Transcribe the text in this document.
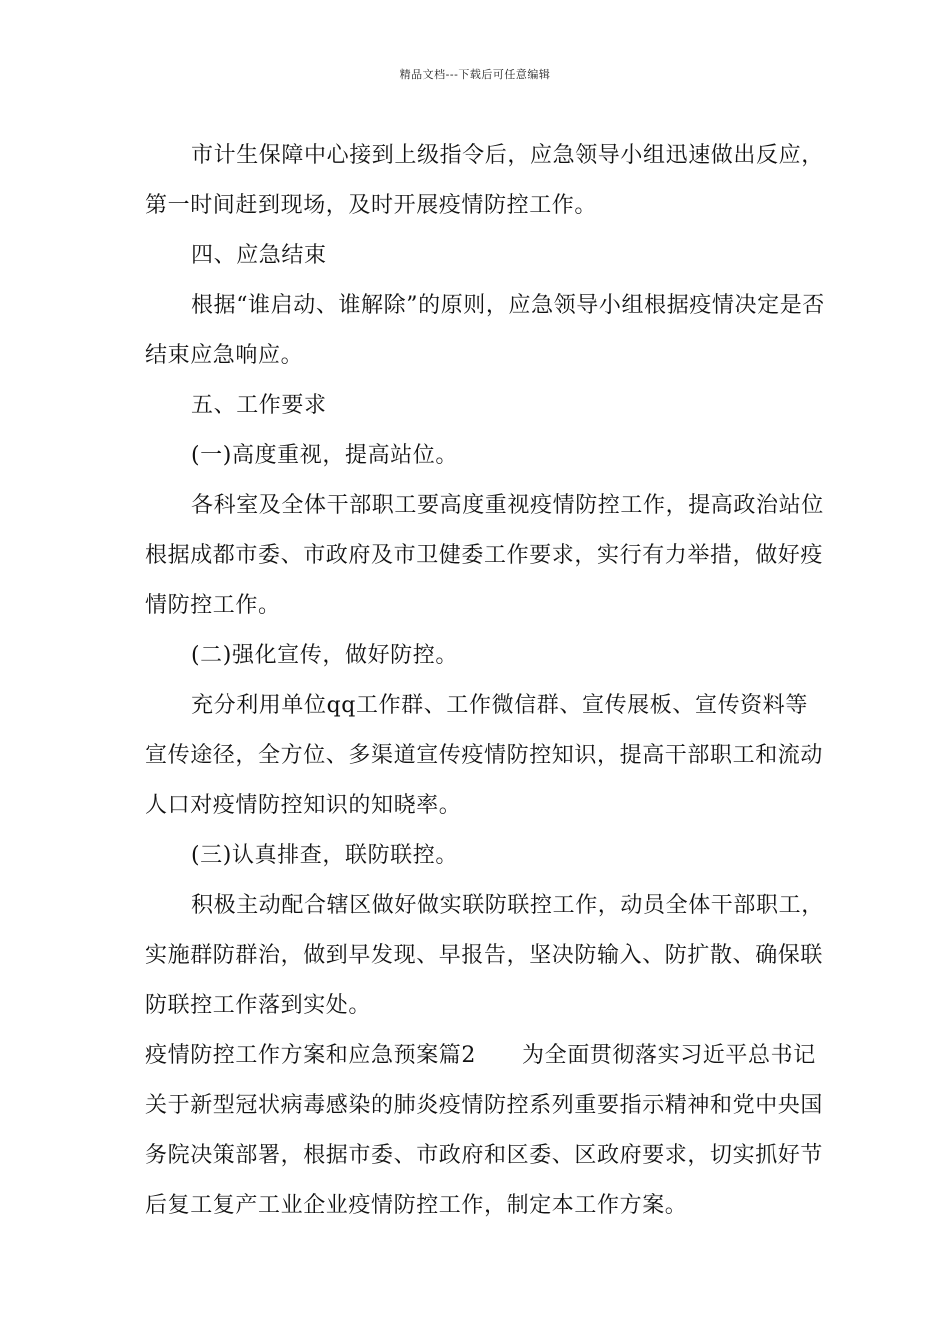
精品文档---下载后可任意编辑

市计生保障中心接到上级指令后，应急领导小组迅速做出反应，第一时间赶到现场，及时开展疫情防控工作。

四、应急结束

根据“谁启动、谁解除”的原则，应急领导小组根据疫情决定是否结束应急响应。

五、工作要求

(一)高度重视，提高站位。

各科室及全体干部职工要高度重视疫情防控工作，提高政治站位根据成都市委、市政府及市卫健委工作要求，实行有力举措，做好疫情防控工作。

(二)强化宣传，做好防控。

充分利用单位qq工作群、工作微信群、宣传展板、宣传资料等宣传途径，全方位、多渠道宣传疫情防控知识，提高干部职工和流动人口对疫情防控知识的知晓率。

(三)认真排查，联防联控。

积极主动配合辖区做好做实联防联控工作，动员全体干部职工，实施群防群治，做到早发现、早报告，坚决防输入、防扩散、确保联防联控工作落到实处。

疫情防控工作方案和应急预案篇2 为全面贯彻落实习近平总书记关于新型冠状病毒感染的肺炎疫情防控系列重要指示精神和党中央国务院决策部署，根据市委、市政府和区委、区政府要求，切实抓好节后复工复产工业企业疫情防控工作，制定本工作方案。
